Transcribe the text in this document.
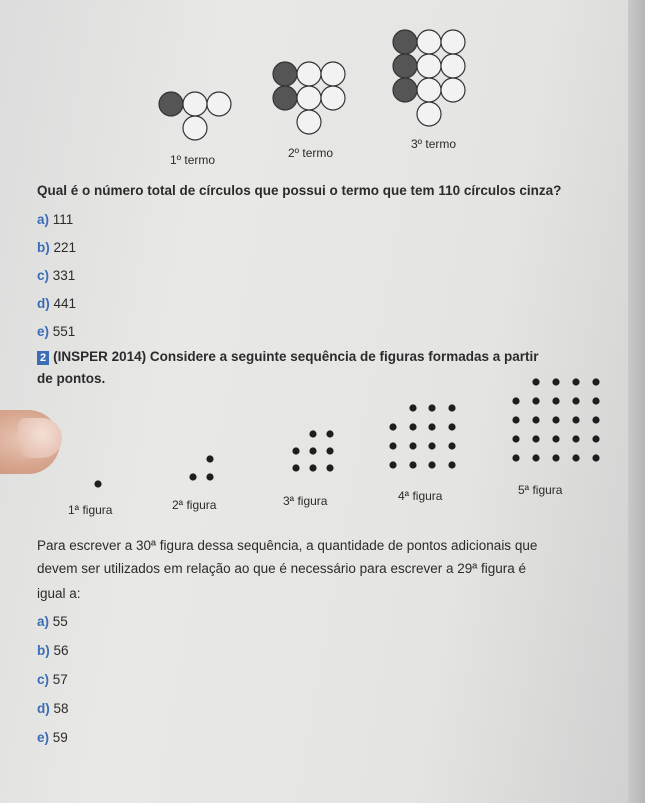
1º termo	2º termo
3º termo
Qual é o número total de círculos que possui o termo que tem 110 círculos cinza?
a) 111
b) 221
c) 331
d) 441
e) 551
2 (INSPER 2014) Considere a seguinte sequência de figuras formadas a partir
de pontos.
1ª figura	2ª figura	3ª figura	4ª figura	5ª figura
Para escrever a 30ª figura dessa sequência, a quantidade de pontos adicionais que
devem ser utilizados em relação ao que é necessário para escrever a 29ª figura é
igual a:
a) 55
b) 56
c) 57
d) 58
e) 59
